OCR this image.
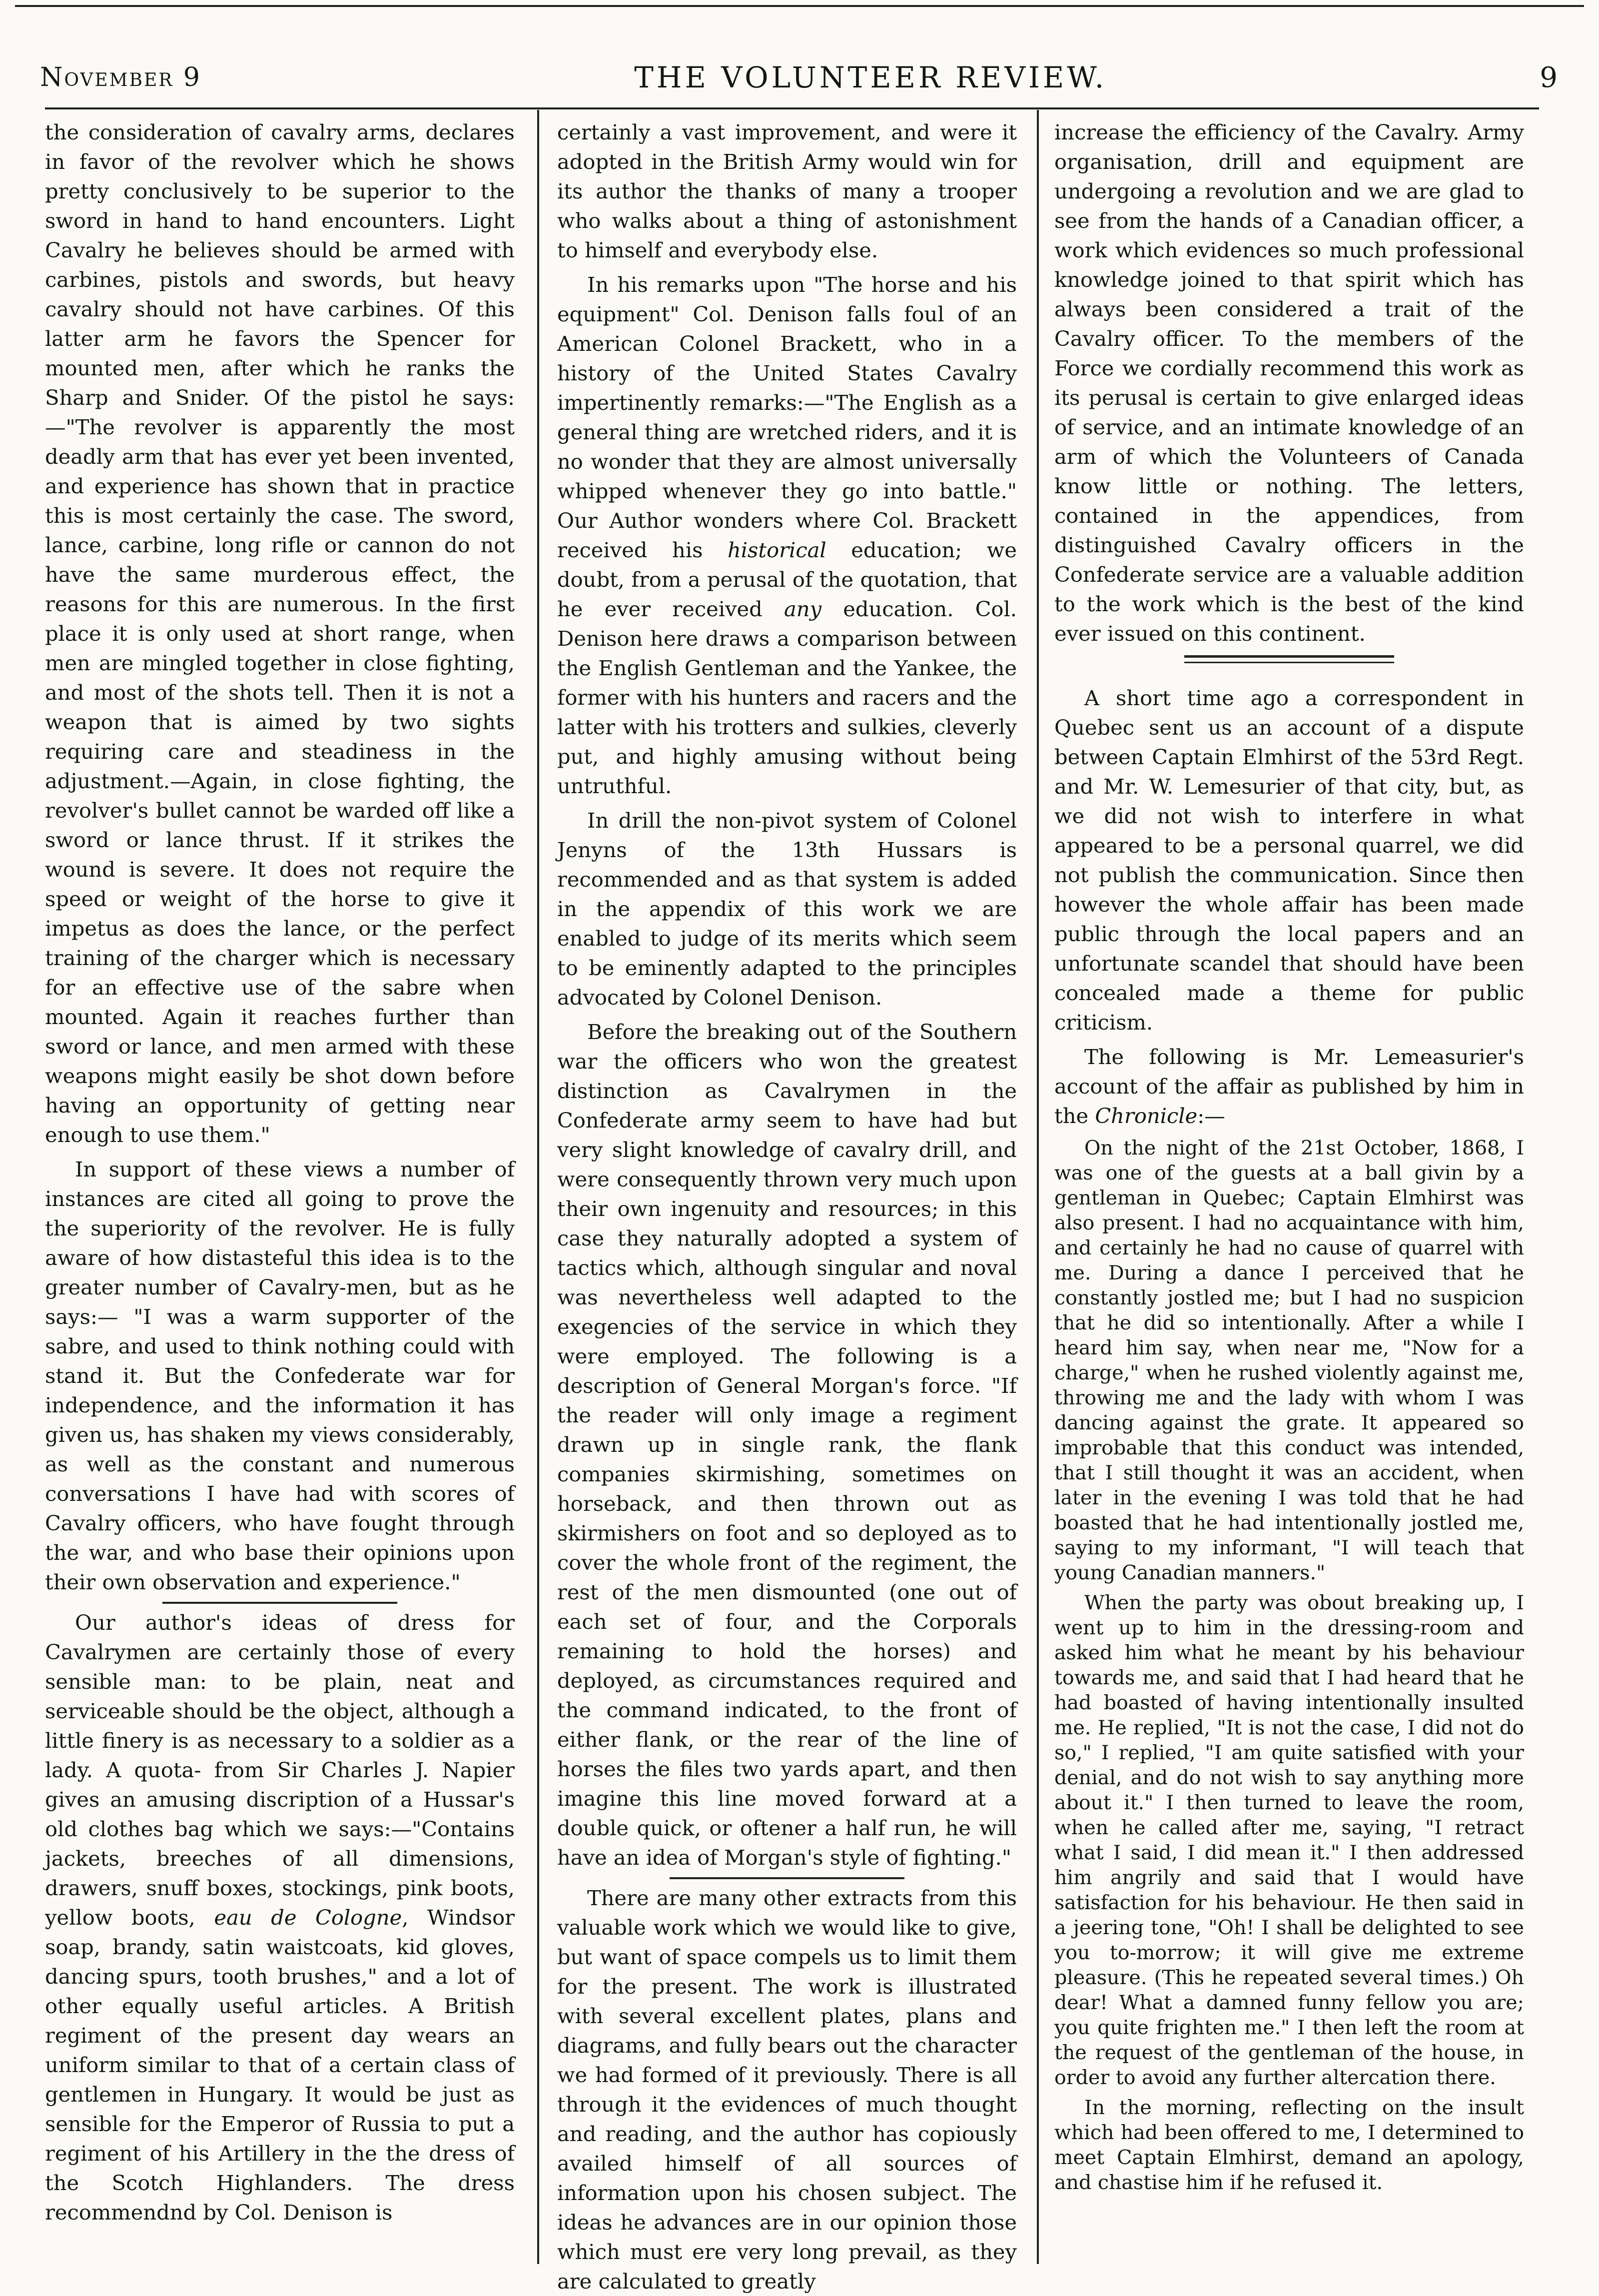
November 9	THE VOLUNTEER REVIEW.	9

the consideration of cavalry arms, declares in favor of the revolver which he shows pretty conclusively to be superior to the sword in hand to hand encounters. Light Cavalry he believes should be armed with carbines, pistols and swords, but heavy cavalry should not have carbines. Of this latter arm he favors the Spencer for mounted men, after which he ranks the Sharp and Snider. Of the pistol he says:—"The revolver is apparently the most deadly arm that has ever yet been invented, and experience has shown that in practice this is most certainly the case. The sword, lance, carbine, long rifle or cannon do not have the same murderous effect, the reasons for this are numerous. In the first place it is only used at short range, when men are mingled together in close fighting, and most of the shots tell. Then it is not a weapon that is aimed by two sights requiring care and steadiness in the adjustment.—Again, in close fighting, the revolver's bullet cannot be warded off like a sword or lance thrust. If it strikes the wound is severe. It does not require the speed or weight of the horse to give it impetus as does the lance, or the perfect training of the charger which is necessary for an effective use of the sabre when mounted. Again it reaches further than sword or lance, and men armed with these weapons might easily be shot down before having an opportunity of getting near enough to use them."

In support of these views a number of instances are cited all going to prove the the superiority of the revolver. He is fully aware of how distasteful this idea is to the greater number of Cavalry-men, but as he says:— "I was a warm supporter of the sabre, and used to think nothing could with stand it. But the Confederate war for independence, and the information it has given us, has shaken my views considerably, as well as the constant and numerous conversations I have had with scores of Cavalry officers, who have fought through the war, and who base their opinions upon their own observation and experience."

Our author's ideas of dress for Cavalrymen are certainly those of every sensible man: to be plain, neat and serviceable should be the object, although a little finery is as necessary to a soldier as a lady. A quota- from Sir Charles J. Napier gives an amusing discription of a Hussar's old clothes bag which we says:—"Contains jackets, breeches of all dimensions, drawers, snuff boxes, stockings, pink boots, yellow boots, eau de Cologne, Windsor soap, brandy, satin waistcoats, kid gloves, dancing spurs, tooth brushes," and a lot of other equally useful articles. A British regiment of the present day wears an uniform similar to that of a certain class of gentlemen in Hungary. It would be just as sensible for the Emperor of Russia to put a regiment of his Artillery in the the dress of the Scotch Highlanders. The dress recommendnd by Col. Denison is

certainly a vast improvement, and were it adopted in the British Army would win for its author the thanks of many a trooper who walks about a thing of astonishment to himself and everybody else.

In his remarks upon "The horse and his equipment" Col. Denison falls foul of an American Colonel Brackett, who in a history of the United States Cavalry impertinently remarks:—"The English as a general thing are wretched riders, and it is no wonder that they are almost universally whipped whenever they go into battle." Our Author wonders where Col. Brackett received his historical education; we doubt, from a perusal of the quotation, that he ever received any education. Col. Denison here draws a comparison between the English Gentleman and the Yankee, the former with his hunters and racers and the latter with his trotters and sulkies, cleverly put, and highly amusing without being untruthful.

In drill the non-pivot system of Colonel Jenyns of the 13th Hussars is recommended and as that system is added in the appendix of this work we are enabled to judge of its merits which seem to be eminently adapted to the principles advocated by Colonel Denison.

Before the breaking out of the Southern war the officers who won the greatest distinction as Cavalrymen in the Confederate army seem to have had but very slight knowledge of cavalry drill, and were consequently thrown very much upon their own ingenuity and resources; in this case they naturally adopted a system of tactics which, although singular and noval was nevertheless well adapted to the exegencies of the service in which they were employed. The following is a description of General Morgan's force. "If the reader will only image a regiment drawn up in single rank, the flank companies skirmishing, sometimes on horseback, and then thrown out as skirmishers on foot and so deployed as to cover the whole front of the regiment, the rest of the men dismounted (one out of each set of four, and the Corporals remaining to hold the horses) and deployed, as circumstances required and the command indicated, to the front of either flank, or the rear of the line of horses the files two yards apart, and then imagine this line moved forward at a double quick, or oftener a half run, he will have an idea of Morgan's style of fighting."

There are many other extracts from this valuable work which we would like to give, but want of space compels us to limit them for the present. The work is illustrated with several excellent plates, plans and diagrams, and fully bears out the character we had formed of it previously. There is all through it the evidences of much thought and reading, and the author has copiously availed himself of all sources of information upon his chosen subject. The ideas he advances are in our opinion those which must ere very long prevail, as they are calculated to greatly

increase the efficiency of the Cavalry. Army organisation, drill and equipment are undergoing a revolution and we are glad to see from the hands of a Canadian officer, a work which evidences so much professional knowledge joined to that spirit which has always been considered a trait of the Cavalry officer. To the members of the Force we cordially recommend this work as its perusal is certain to give enlarged ideas of service, and an intimate knowledge of an arm of which the Volunteers of Canada know little or nothing. The letters, contained in the appendices, from distinguished Cavalry officers in the Confederate service are a valuable addition to the work which is the best of the kind ever issued on this continent.

A short time ago a correspondent in Quebec sent us an account of a dispute between Captain Elmhirst of the 53rd Regt. and Mr. W. Lemesurier of that city, but, as we did not wish to interfere in what appeared to be a personal quarrel, we did not publish the communication. Since then however the whole affair has been made public through the local papers and an unfortunate scandel that should have been concealed made a theme for public criticism.

The following is Mr. Lemeasurier's account of the affair as published by him in the Chronicle:—

On the night of the 21st October, 1868, I was one of the guests at a ball givin by a gentleman in Quebec; Captain Elmhirst was also present. I had no acquaintance with him, and certainly he had no cause of quarrel with me. During a dance I perceived that he constantly jostled me; but I had no suspicion that he did so intentionally. After a while I heard him say, when near me, "Now for a charge," when he rushed violently against me, throwing me and the lady with whom I was dancing against the grate. It appeared so improbable that this conduct was intended, that I still thought it was an accident, when later in the evening I was told that he had boasted that he had intentionally jostled me, saying to my informant, "I will teach that young Canadian manners."

When the party was obout breaking up, I went up to him in the dressing-room and asked him what he meant by his behaviour towards me, and said that I had heard that he had boasted of having intentionally insulted me. He replied, "It is not the case, I did not do so," I replied, "I am quite satisfied with your denial, and do not wish to say anything more about it." I then turned to leave the room, when he called after me, saying, "I retract what I said, I did mean it." I then addressed him angrily and said that I would have satisfaction for his behaviour. He then said in a jeering tone, "Oh! I shall be delighted to see you to-morrow; it will give me extreme pleasure. (This he repeated several times.) Oh dear! What a damned funny fellow you are; you quite frighten me." I then left the room at the request of the gentleman of the house, in order to avoid any further altercation there.

In the morning, reflecting on the insult which had been offered to me, I determined to meet Captain Elmhirst, demand an apology, and chastise him if he refused it.
